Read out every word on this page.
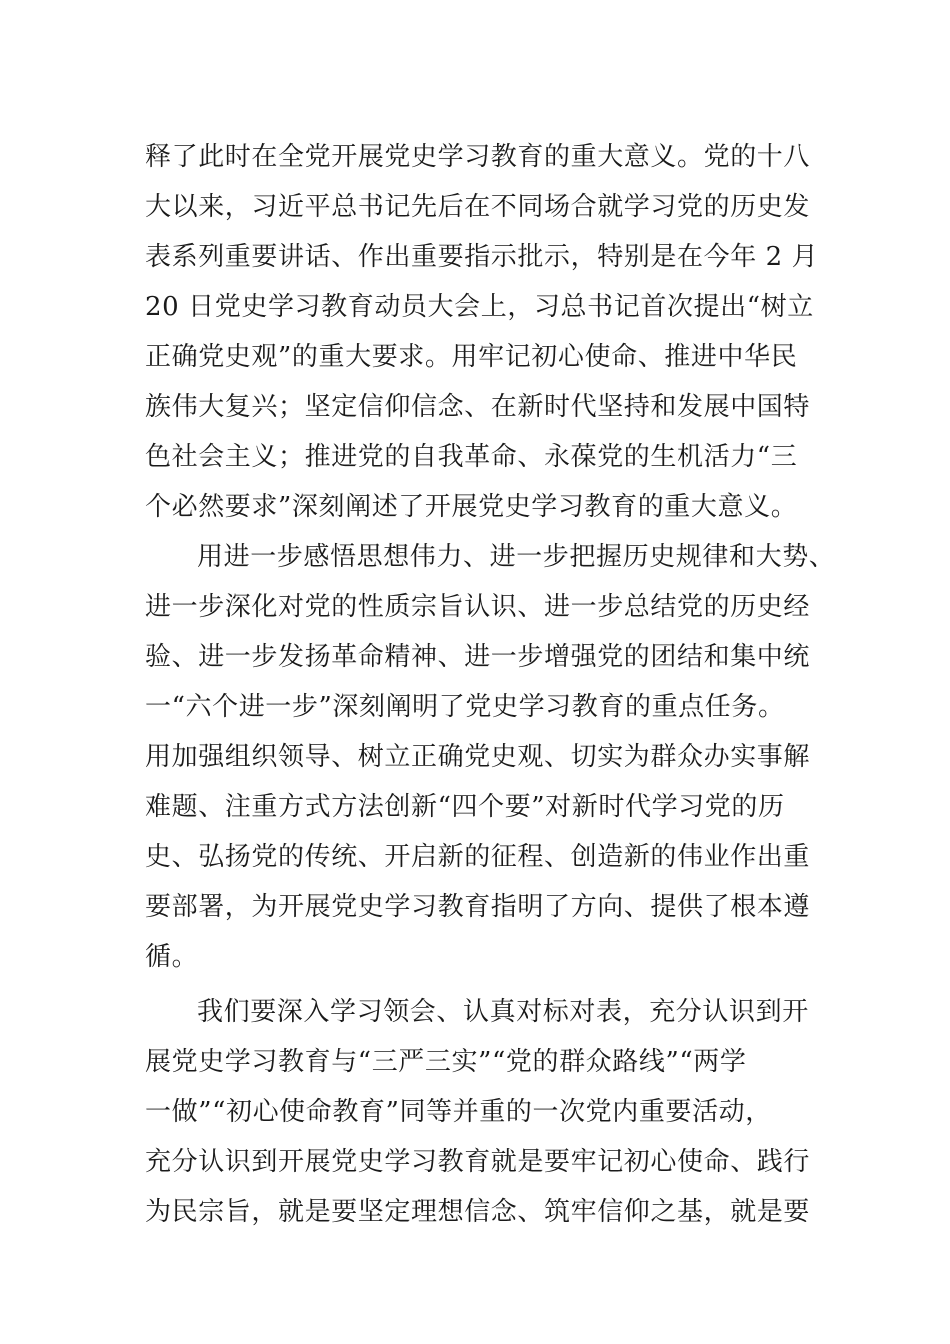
释了此时在全党开展党史学习教育的重大意义。党的十八
大以来，习近平总书记先后在不同场合就学习党的历史发
表系列重要讲话、作出重要指示批示，特别是在今年 2 月
20 日党史学习教育动员大会上，习总书记首次提出“树立
正确党史观”的重大要求。用牢记初心使命、推进中华民
族伟大复兴；坚定信仰信念、在新时代坚持和发展中国特
色社会主义；推进党的自我革命、永葆党的生机活力“三
个必然要求”深刻阐述了开展党史学习教育的重大意义。
用进一步感悟思想伟力、进一步把握历史规律和大势、
进一步深化对党的性质宗旨认识、进一步总结党的历史经
验、进一步发扬革命精神、进一步增强党的团结和集中统
一“六个进一步”深刻阐明了党史学习教育的重点任务。
用加强组织领导、树立正确党史观、切实为群众办实事解
难题、注重方式方法创新“四个要”对新时代学习党的历
史、弘扬党的传统、开启新的征程、创造新的伟业作出重
要部署，为开展党史学习教育指明了方向、提供了根本遵
循。
我们要深入学习领会、认真对标对表，充分认识到开
展党史学习教育与“三严三实”“党的群众路线”“两学
一做”“初心使命教育”同等并重的一次党内重要活动，
充分认识到开展党史学习教育就是要牢记初心使命、践行
为民宗旨，就是要坚定理想信念、筑牢信仰之基，就是要
